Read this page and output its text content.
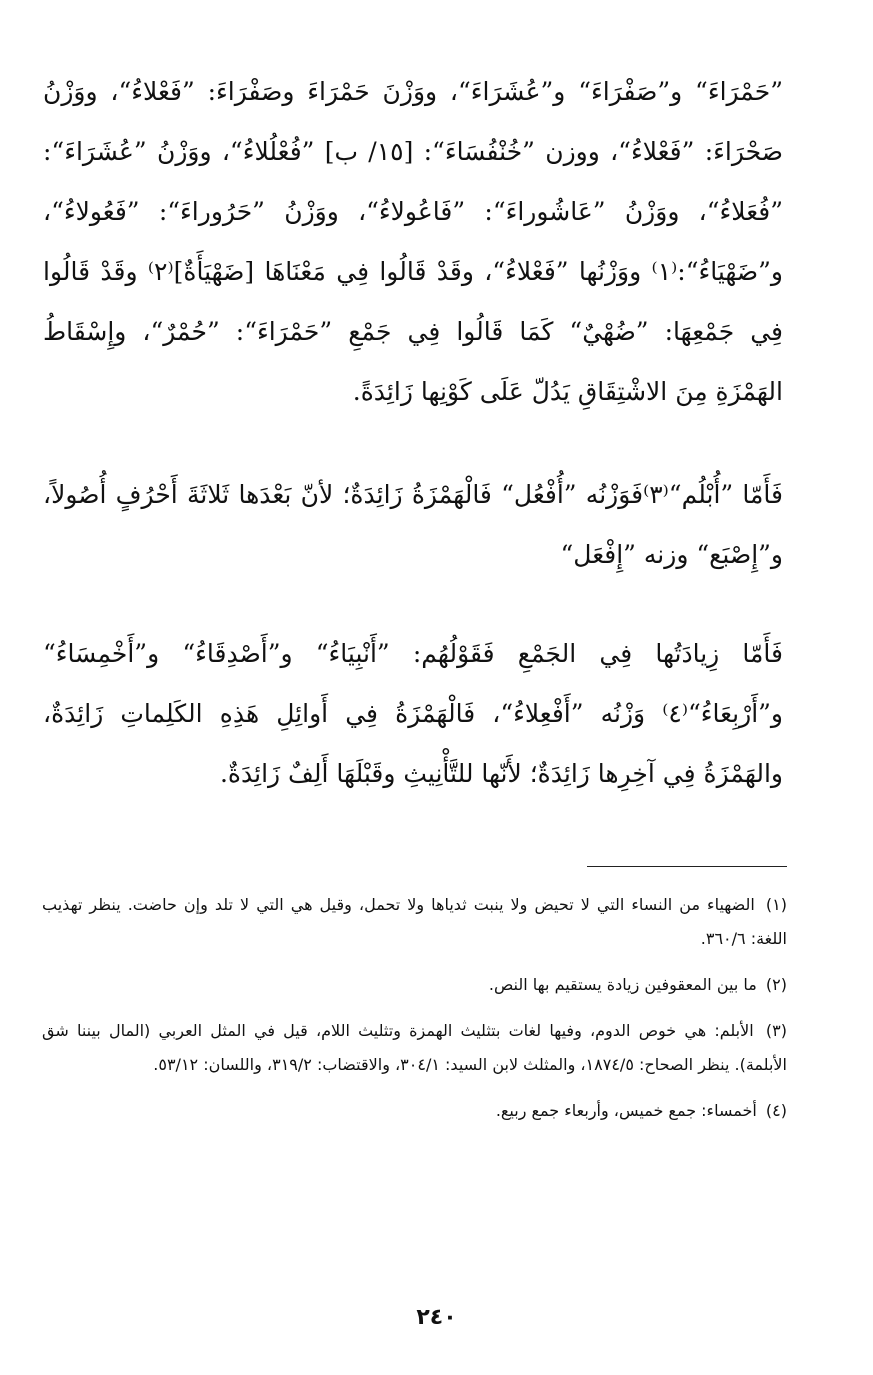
”حَمْرَاءَ“ و”صَفْرَاءَ“ و”عُشَرَاءَ“، ووَزْنَ حَمْرَاءَ وصَفْرَاءَ: ”فَعْلاءُ“، ووَزْنُ صَحْرَاءَ: ”فَعْلاءُ“، ووزن ”خُنْفُسَاءَ“: [١٥/ ب] ”فُعْلُلاءُ“، ووَزْنُ ”عُشَرَاءَ“: ”فُعَلاءُ“، ووَزْنُ ”عَاشُوراءَ“: ”فَاعُولاءُ“، ووَزْنُ ”حَرُوراءَ“: ”فَعُولاءُ“، و”ضَهْيَاءُ“:⁽١⁾ ووَزْنُها ”فَعْلاءُ“، وقَدْ قَالُوا فِي مَعْنَاهَا [ضَهْيَأَةٌ]⁽٢⁾ وقَدْ قَالُوا فِي جَمْعِهَا: ”ضُهْيٌ“ كَمَا قَالُوا فِي جَمْعِ ”حَمْرَاءَ“: ”حُمْرٌ“، وإِسْقَاطُ الهَمْزَةِ مِنَ الاشْتِقَاقِ يَدُلّ عَلَى كَوْنِها زَائِدَةً.

فَأَمّا ”أُبْلُم“⁽٣⁾فَوَزْنُه ”أُفْعُل“ فَالْهَمْزَةُ زَائِدَةٌ؛ لأنّ بَعْدَها ثَلاثَةَ أَحْرُفٍ أُصُولاً، و”إِصْبَع“ وزنه ”إِفْعَل“

فَأَمّا زِيادَتُها فِي الجَمْعِ فَقَوْلُهُم: ”أَنْبِيَاءُ“ و”أَصْدِقَاءُ“ و”أَخْمِسَاءُ“ و”أَرْبِعَاءُ“⁽٤⁾ وَزْنُه ”أَفْعِلاءُ“، فَالْهَمْزَةُ فِي أَوائِلِ هَذِهِ الكَلِماتِ زَائِدَةٌ، والهَمْزَةُ فِي آخِرِها زَائِدَةٌ؛ لأَنّها للتَّأْنِيثِ وقَبْلَهَا أَلِفٌ زَائِدَةٌ.

(١) الضهياء من النساء التي لا تحيض ولا ينبت ثدياها ولا تحمل، وقيل هي التي لا تلد وإن حاضت. ينظر تهذيب اللغة: ٣٦٠/٦.

(٢) ما بين المعقوفين زيادة يستقيم بها النص.

(٣) الأبلم: هي خوص الدوم، وفيها لغات بتثليث الهمزة وتثليث اللام، قيل في المثل العربي (المال بيننا شق الأبلمة). ينظر الصحاح: ١٨٧٤/٥، والمثلث لابن السيد: ٣٠٤/١، والاقتضاب: ٣١٩/٢، واللسان: ٥٣/١٢.

(٤) أخمساء: جمع خميس، وأربعاء جمع ربيع.

٢٤٠
